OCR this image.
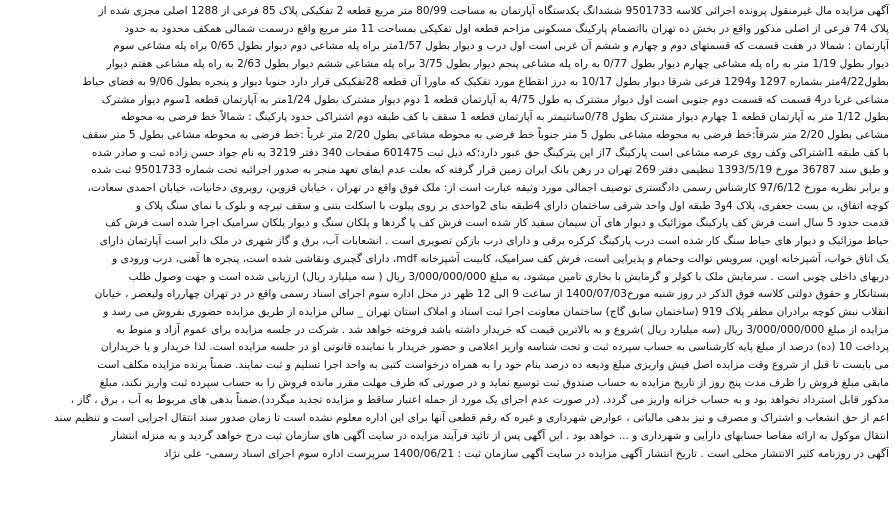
آگهی مزایده مال غیرمنقول پرونده اجرائی کلاسه 9501733 ششدانگ یکدستگاه آپارتمان به مساحت 80/99 متر مربع قطعه 2 تفکیکی پلاک 85 فرعی از 1288 اصلی مجزی شده از
پلاک 74 فرعی از اصلی مذکور واقع در بخش ده تهران باانضمام پارکینگ مسکونی مزاحم قطعه اول تفکیکی بمساحت 11 متر مربع واقع درسمت شمالی همکف محدود به حدود
آپارتمان : شمالا در هفت قسمت که قسمتهای دوم و چهارم و ششم آن غربی است اول درب و دیوار بطول 1/57متر براه پله مشاعی دوم دیوار بطول 0/65 براه پله مشاعی سوم
دیوار بطول 1/19 متر به راه پله مشاعی چهارم دیوار بطول 0/77 به راه پله مشاعی پنجم دیوار بطول 3/75 براه پله مشاعی ششم دیوار بطول 2/63 به راه پله مشاعی هفتم دیوار
بطول4/22متر بشماره 1297 و1294 فرعی شرقا دیوار بطول 10/17 به درز انقطاع مورد تفکیک که ماورا آن قطعه 28تفکیکی قرار دارد جنوبا دیوار و پنجره بطول 9/06 به فضای حیاط
مشاعی غربا در4 قسمت که قسمت دوم جنوبی است اول دیوار مشترک به طول 4/75 به آپارتمان قطعه 1 دوم دیوار مشترک بطول 1/24متر به آپارتمان قطعه 1سوم دیوار مشترک
بطول 1/12 متر به آپارتمان قطعه 1 چهارم دیوار مشترک بطول 0/78سانتیمتر به آپارتمان قطعه 1 سقف با کف طبقه دوم اشتراکی حدود پارکینگ : شمالاً خط فرضی به محوطه
مشاعی بطول 2/20 متر شرقاً:خط فرضی به محوطه مشاعی بطول 5 متر جنوباً خط فرضی به محوطه مشاعی بطول 2/20 متر غرباً :خط فرضی به محوطه مشاعی بطول 5 متر سقف
با کف طبقه 1اشتراکی وکف روی عرصه مشاعی است پارکینگ 7از این پترکینگ حق عبور دارد؛که ذیل ثبت 601475 صفحات 340 دفتر 3219 به نام جواد حسن زاده ثبت و صادر شده
و طبق سند 36787 مورخ 1393/5/19 تنظیمی دفتر 269 تهران در رهن بانک ایران زمین قرار گرفته که بعلت عدم ایفای تعهد منجر به صدور اجرائیه تحت شماره 9501733 ثبت شده
و برابر نظریه مورخ 97/6/12 کارشناس رسمی دادگستری توصیف اجمالی مورد وثیقه عبارت است از: ملک فوق واقع در تهران ، خیابان قزوین، روبروی دخانیات، خیابان احمدی سعادت،
کوچه اتفاق، بن بست جعفری، پلاک 4و3 طبقه اول واحد شرقی ساختمان دارای 4طبقه بنای 2واحدی بر روی پیلوت با اسکلت بتنی و سقف تیرچه و بلوک با نمای سنگ پلاک و
قدمت حدود 5 سال است فرش کف پارکینگ موزائیک و دیوار های آن سیمان سفید کار شده است فرش کف پا گردها و پلکان سنگ و دیوار پلکان سرامیک اجرا شده است فرش کف
حیاط موزائیک و دیوار های حیاط سنگ کار شده است درب پارکینگ کرکره برقی و دارای درب بازکن تصویری است . انشعابات آب، برق و گاز شهری در ملک دایر است آپارتمان دارای
یک اتاق خواب، آشپزخانه اوپن، سرویس توالت وحمام و پذیرایی است، فرش کف سرامیک، کابینت آشپزخانه mdf، دارای گچبری ونقاشی شده است، پنجره ها آهنی، درب ورودی و
دربهای داخلی چوبی است . سرمایش ملک با کولر و گرمایش با بخاری تامین میشود، به مبلغ 3/000/000/000 ریال ( سه میلیارد ریال) ارزیابی شده است و جهت وصول طلب
بستانکار و حقوق دولتی کلاسه فوق الذکر در روز شنبه مورخ1400/07/03 از ساعت 9 الی 12 ظهر در محل اداره سوم اجرای اسناد رسمی واقع در در تهران چهارراه ولیعصر ، خیابان
انقلاب نبش کوچه برادران مظفر پلاک 919 (ساختمان سابق گاج) ساختمان معاونت اجرا ثبت اسناد و املاک استان تهران _ سالن مزایده از طریق مزایده حضوری بفروش می رسد و
مزایده از مبلغ 3/000/000/000 ریال (سه میلیارد ریال )شروع و به بالاترین قیمت که خریدار داشته باشد فروخته خواهد شد . شرکت در جلسه مزایده برای عموم آزاد و منوط به
پرداخت 10 (ده) درصد از مبلغ پایه کارشناسی به حساب سپرده ثبت و تحت شناسه واریز اعلامی و حضور خریدار با نماینده قانونی او در جلسه مزایده است. لذا خریدار و یا خریداران
می بایست تا قبل از شروع وقت مزایده اصل فیش واریزی مبلغ ودیعه ده درصد بنام خود را به همراه درخواست کتبی به واحد اجرا تسلیم و ثبت نمایند. ضمناً برنده مزایده مکلف است
مابقی مبلغ فروش را ظرف مدت پنج روز از تاریخ مزایده به حساب صندوق ثبت توسیع نماید و در صورتی که ظرف مهلت مقرر مانده فروش را به حساب سپرده ثبت واریز نکند، مبلغ
مذکور قابل استرداد نخواهد بود و به حساب خزانه واریز می گردد. (در صورت عدم اجرای یک مورد از جمله اعتبار ساقط و مزایده تجدید میگردد).ضمناً بدهی های مربوط به آب ، برق ، گاز ،
اعم از حق انشعاب و اشتراک و مصرف و نیز بدهی مالیاتی ، عوارض شهرداری و غیره که رقم قطعی آنها برای این اداره معلوم نشده است تا زمان صدور سند انتقال اجرایی است و تنظیم سند
انتقال موکول به ارائه مفاصا حسابهای دارایی و شهرداری و ... خواهد بود . این آگهی پس از تائید فرآیند مزایده در سایت آگهی های سازمان ثبت درج خواهد گردید و به منزله انتشار
آگهی در روزنامه کثیر الانتشار محلی است . تاریخ انتشار آگهی مزایده در سایت آگهی سازمان ثبت : 1400/06/21 سرپرست اداره سوم اجرای اسناد رسمی- علی نژاد
